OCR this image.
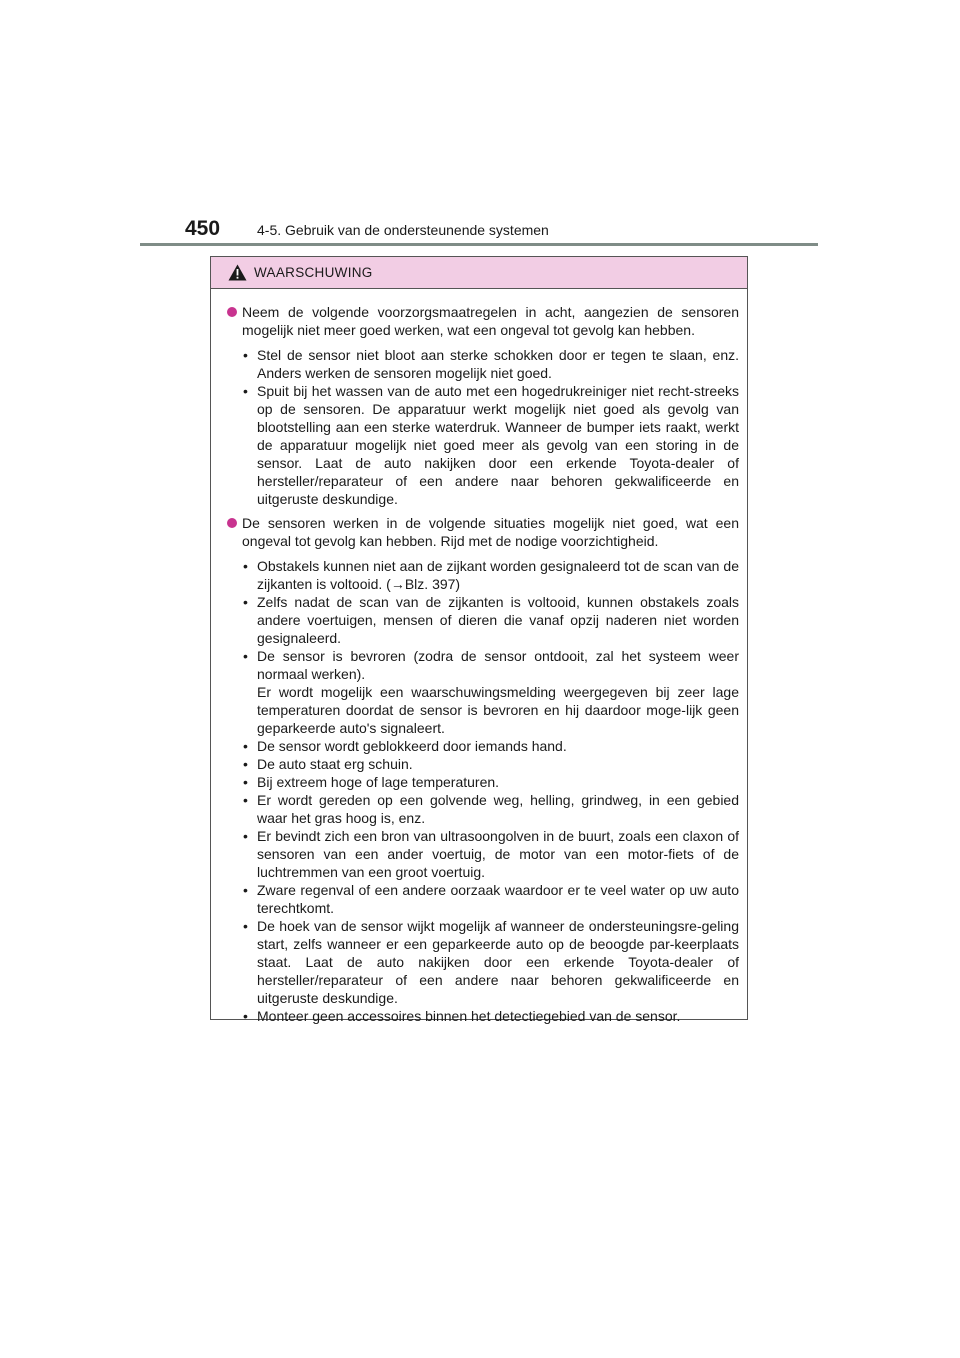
450	4-5. Gebruik van de ondersteunende systemen
WAARSCHUWING
Neem de volgende voorzorgsmaatregelen in acht, aangezien de sensoren mogelijk niet meer goed werken, wat een ongeval tot gevolg kan hebben.
• Stel de sensor niet bloot aan sterke schokken door er tegen te slaan, enz. Anders werken de sensoren mogelijk niet goed.

• Spuit bij het wassen van de auto met een hogedrukreiniger niet recht-streeks op de sensoren. De apparatuur werkt mogelijk niet goed als gevolg van blootstelling aan een sterke waterdruk. Wanneer de bumper iets raakt, werkt de apparatuur mogelijk niet goed meer als gevolg van een storing in de sensor. Laat de auto nakijken door een erkende Toyota-dealer of hersteller/reparateur of een andere naar behoren gekwalificeerde en uitgeruste deskundige.

De sensoren werken in de volgende situaties mogelijk niet goed, wat een ongeval tot gevolg kan hebben. Rijd met de nodige voorzichtigheid.
• Obstakels kunnen niet aan de zijkant worden gesignaleerd tot de scan van de zijkanten is voltooid. (→Blz. 397)

• Zelfs nadat de scan van de zijkanten is voltooid, kunnen obstakels zoals andere voertuigen, mensen of dieren die vanaf opzij naderen niet worden gesignaleerd.

• De sensor is bevroren (zodra de sensor ontdooit, zal het systeem weer normaal werken).

Er wordt mogelijk een waarschuwingsmelding weergegeven bij zeer lage temperaturen doordat de sensor is bevroren en hij daardoor moge-lijk geen geparkeerde auto's signaleert.

• De sensor wordt geblokkeerd door iemands hand.

• De auto staat erg schuin.

• Bij extreem hoge of lage temperaturen.

• Er wordt gereden op een golvende weg, helling, grindweg, in een gebied waar het gras hoog is, enz.

• Er bevindt zich een bron van ultrasoongolven in de buurt, zoals een claxon of sensoren van een ander voertuig, de motor van een motor-fiets of de luchtremmen van een groot voertuig.

• Zware regenval of een andere oorzaak waardoor er te veel water op uw auto terechtkomt.

• De hoek van de sensor wijkt mogelijk af wanneer de ondersteuningsre-geling start, zelfs wanneer er een geparkeerde auto op de beoogde par-keerplaats staat. Laat de auto nakijken door een erkende Toyota-dealer of hersteller/reparateur of een andere naar behoren gekwalificeerde en uitgeruste deskundige.

• Monteer geen accessoires binnen het detectiegebied van de sensor.
